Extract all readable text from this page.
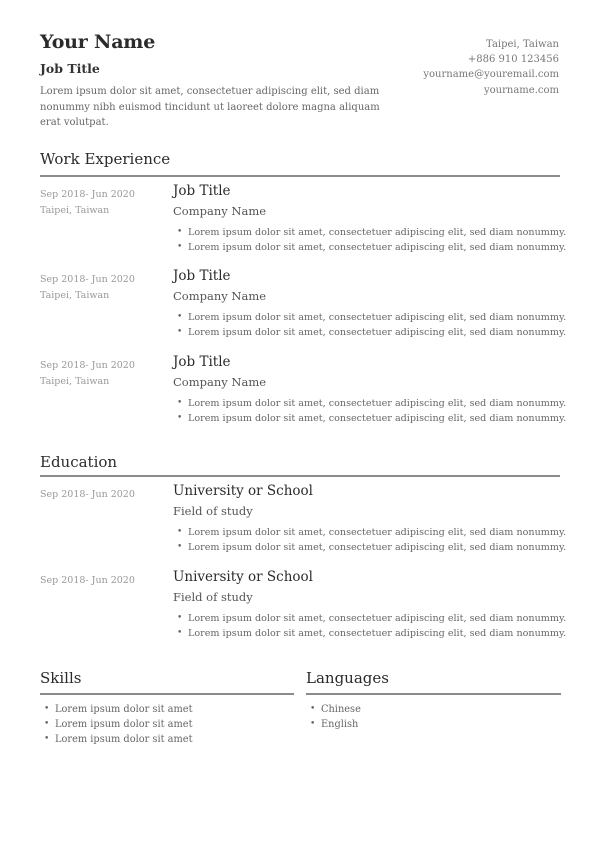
Your Name
Job Title
Lorem ipsum dolor sit amet, consectetuer adipiscing elit, sed diam nonummy nibh euismod tincidunt ut laoreet dolore magna aliquam erat volutpat.
Taipei, Taiwan
+886 910 123456
yourname@youremail.com
yourname.com
Work Experience
Sep 2018- Jun 2020
Taipei, Taiwan
Job Title
Company Name
• Lorem ipsum dolor sit amet, consectetuer adipiscing elit, sed diam nonummy.
• Lorem ipsum dolor sit amet, consectetuer adipiscing elit, sed diam nonummy.
Sep 2018- Jun 2020
Taipei, Taiwan
Job Title
Company Name
• Lorem ipsum dolor sit amet, consectetuer adipiscing elit, sed diam nonummy.
• Lorem ipsum dolor sit amet, consectetuer adipiscing elit, sed diam nonummy.
Sep 2018- Jun 2020
Taipei, Taiwan
Job Title
Company Name
• Lorem ipsum dolor sit amet, consectetuer adipiscing elit, sed diam nonummy.
• Lorem ipsum dolor sit amet, consectetuer adipiscing elit, sed diam nonummy.
Education
Sep 2018- Jun 2020	University or School
Field of study
• Lorem ipsum dolor sit amet, consectetuer adipiscing elit, sed diam nonummy.
• Lorem ipsum dolor sit amet, consectetuer adipiscing elit, sed diam nonummy.
Sep 2018- Jun 2020	University or School
Field of study
• Lorem ipsum dolor sit amet, consectetuer adipiscing elit, sed diam nonummy.
• Lorem ipsum dolor sit amet, consectetuer adipiscing elit, sed diam nonummy.
Skills
• Lorem ipsum dolor sit amet
• Lorem ipsum dolor sit amet
• Lorem ipsum dolor sit amet
Languages
• Chinese
• English
